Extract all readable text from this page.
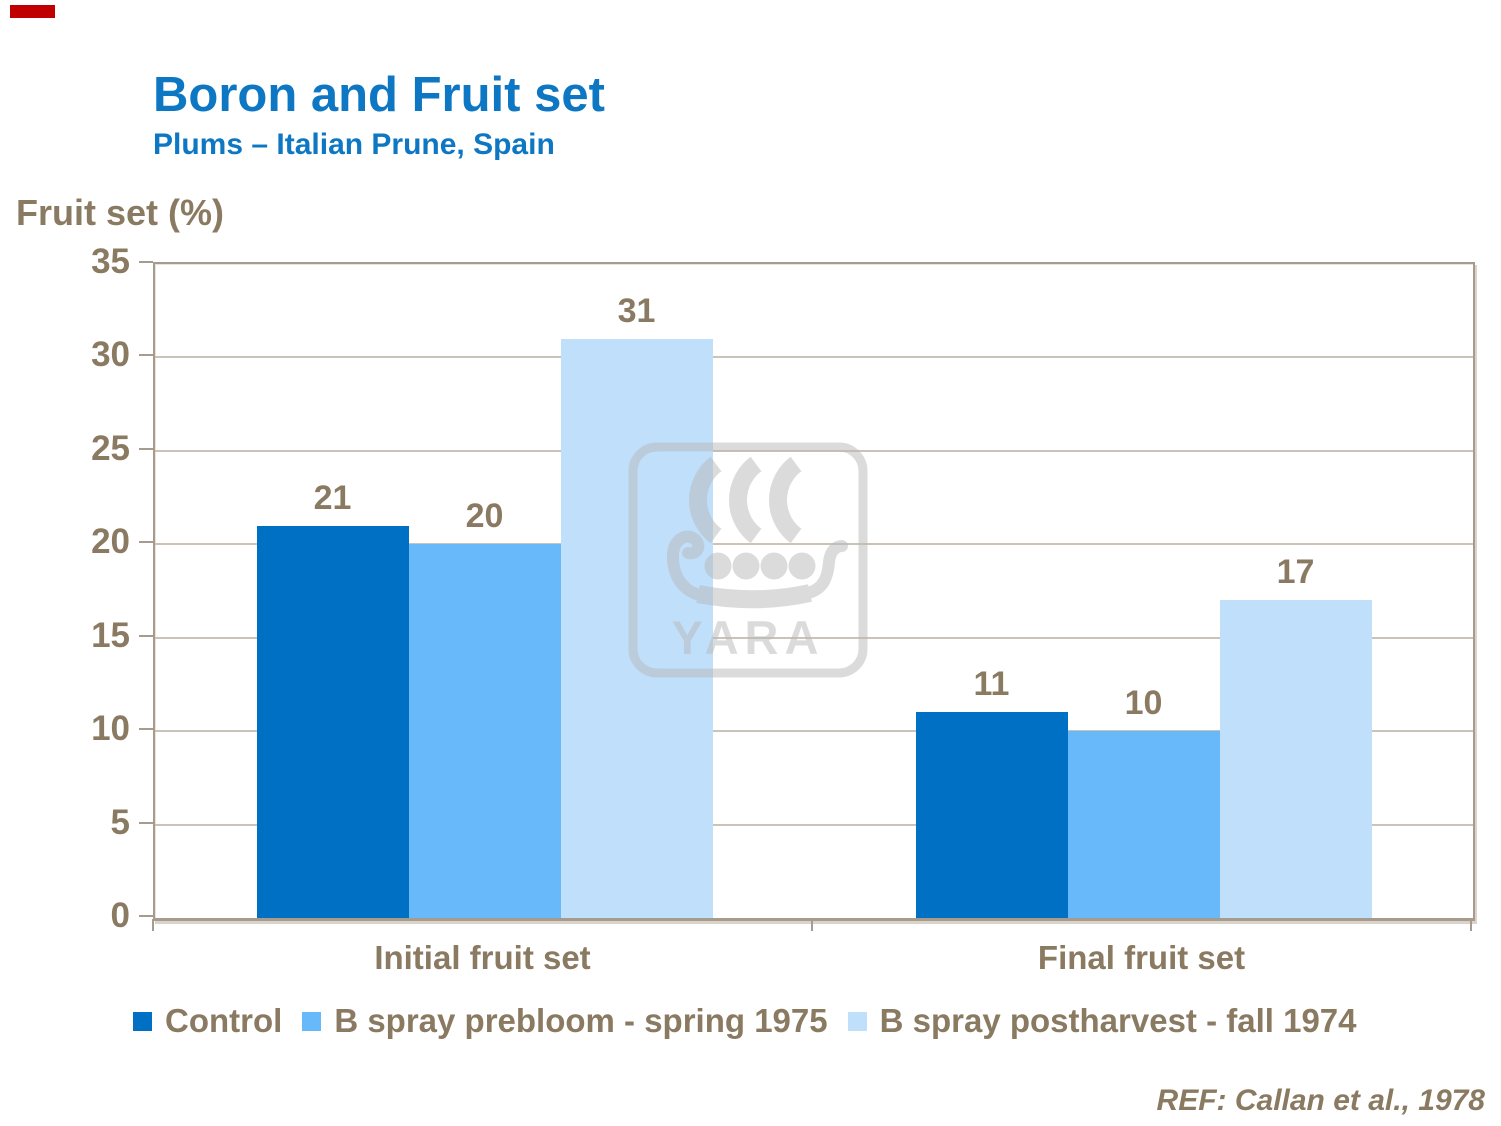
Boron and Fruit set
Plums – Italian Prune, Spain
Fruit set (%)
21	20
31
11	10
17
Control B spray prebloom - spring 1975 B spray postharvest - fall 1974
YARA
REF: Callan et al., 1978
0
5
10
15
20
25
30
35
Initial fruit set	Final fruit set
